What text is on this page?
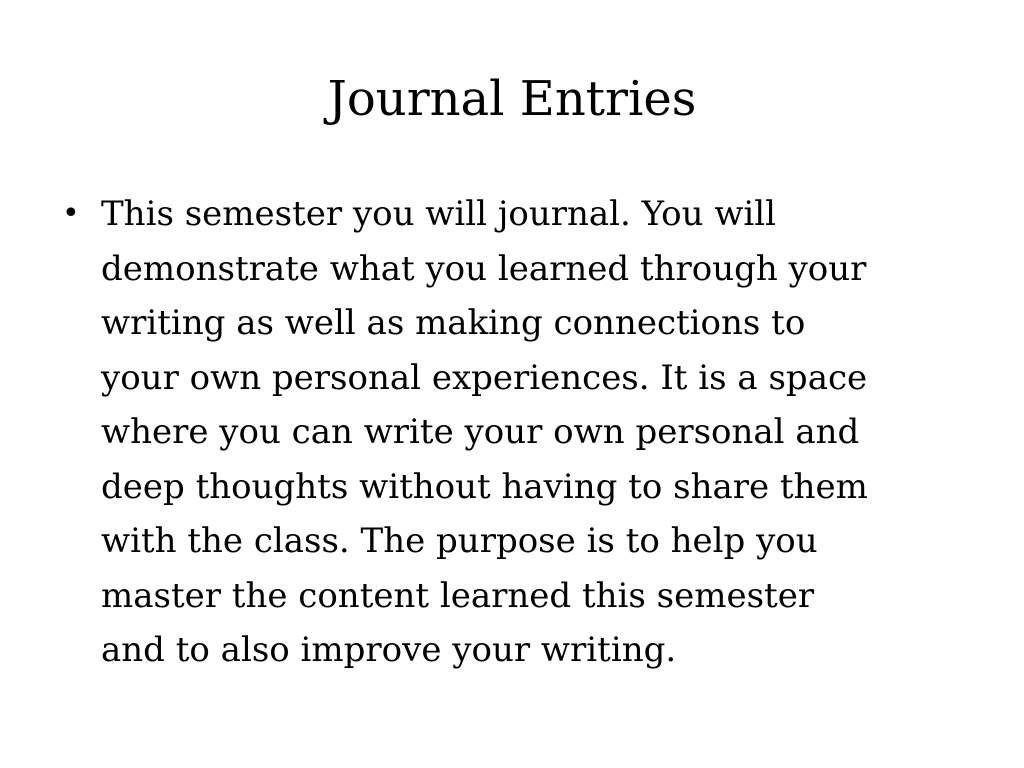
Journal Entries
• This semester you will journal. You will
demonstrate what you learned through your
writing as well as making connections to
your own personal experiences. It is a space
where you can write your own personal and
deep thoughts without having to share them
with the class. The purpose is to help you
master the content learned this semester
and to also improve your writing.
